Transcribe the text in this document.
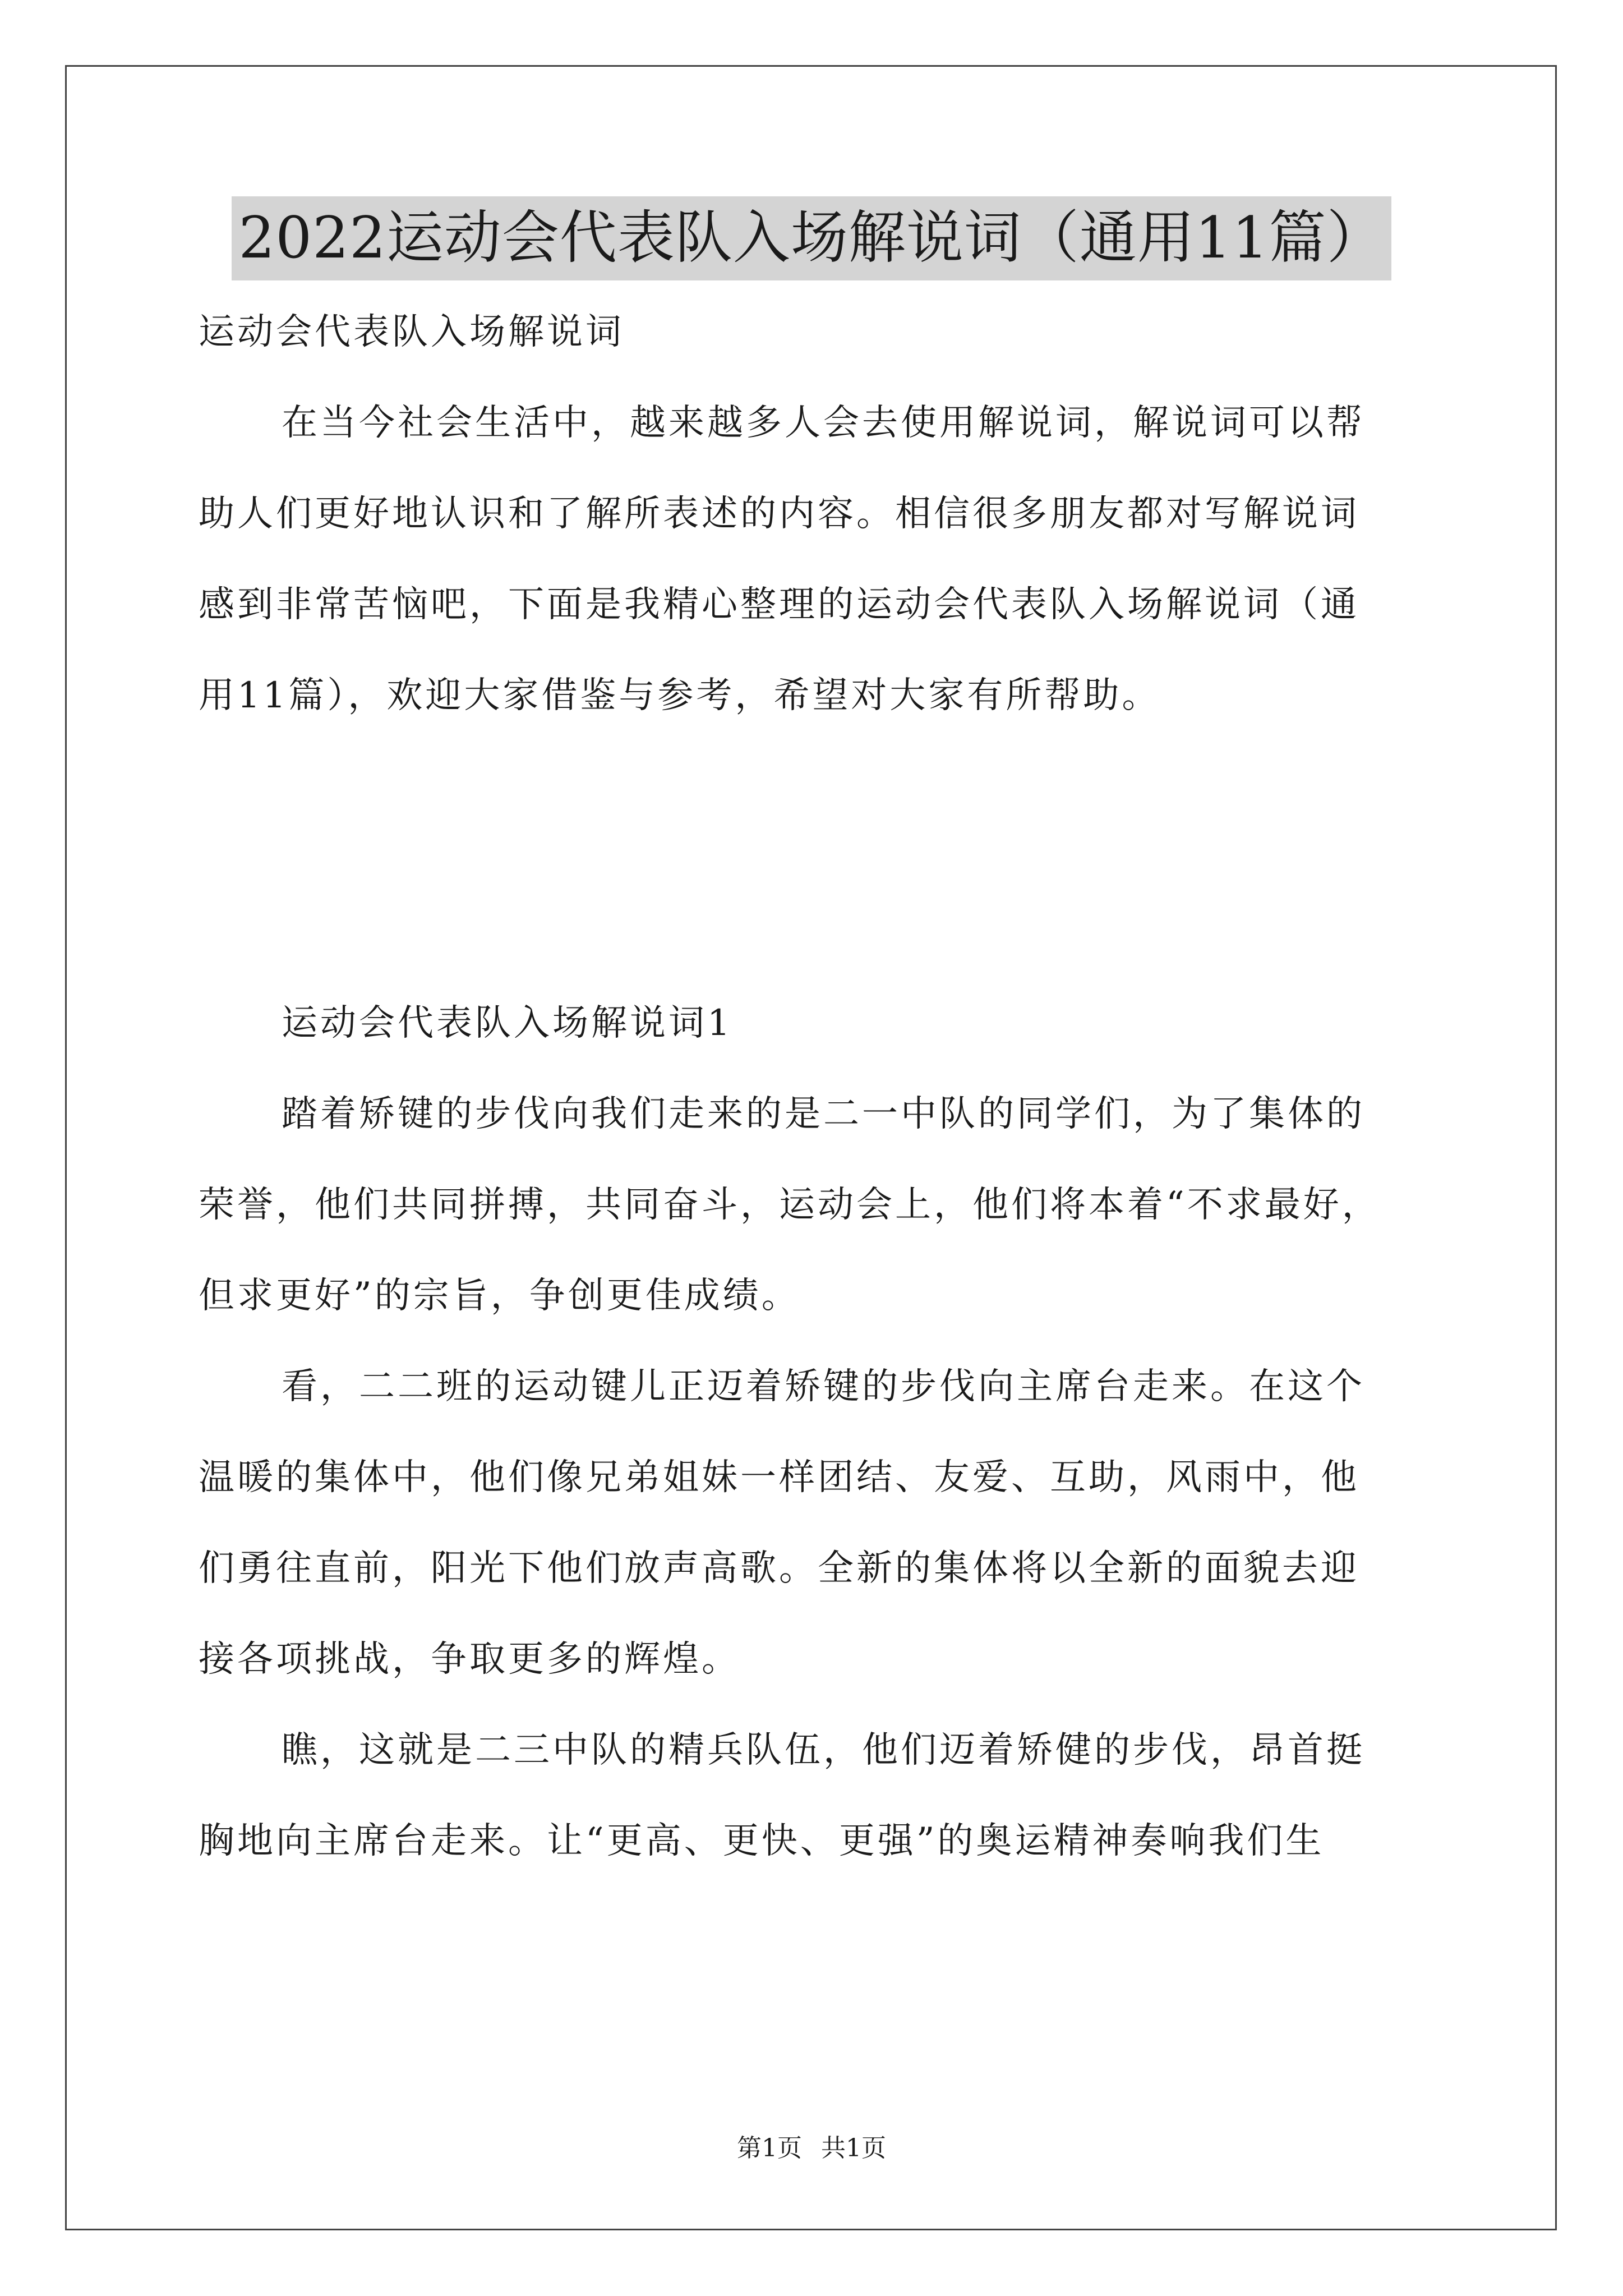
2022运动会代表队入场解说词（通用11篇）
运动会代表队入场解说词
在当今社会生活中，越来越多人会去使用解说词，解说词可以帮
助人们更好地认识和了解所表述的内容。相信很多朋友都对写解说词
感到非常苦恼吧，下面是我精心整理的运动会代表队入场解说词（通
用11篇），欢迎大家借鉴与参考，希望对大家有所帮助。
运动会代表队入场解说词1
踏着矫键的步伐向我们走来的是二一中队的同学们，为了集体的
荣誉，他们共同拼搏，共同奋斗，运动会上，他们将本着“不求最好，
但求更好”的宗旨，争创更佳成绩。
看，二二班的运动键儿正迈着矫键的步伐向主席台走来。在这个
温暖的集体中，他们像兄弟姐妹一样团结、友爱、互助，风雨中，他
们勇往直前，阳光下他们放声高歌。全新的集体将以全新的面貌去迎
接各项挑战，争取更多的辉煌。
瞧，这就是二三中队的精兵队伍，他们迈着矫健的步伐，昂首挺
胸地向主席台走来。让“更高、更快、更强”的奥运精神奏响我们生
第1页 共1页
